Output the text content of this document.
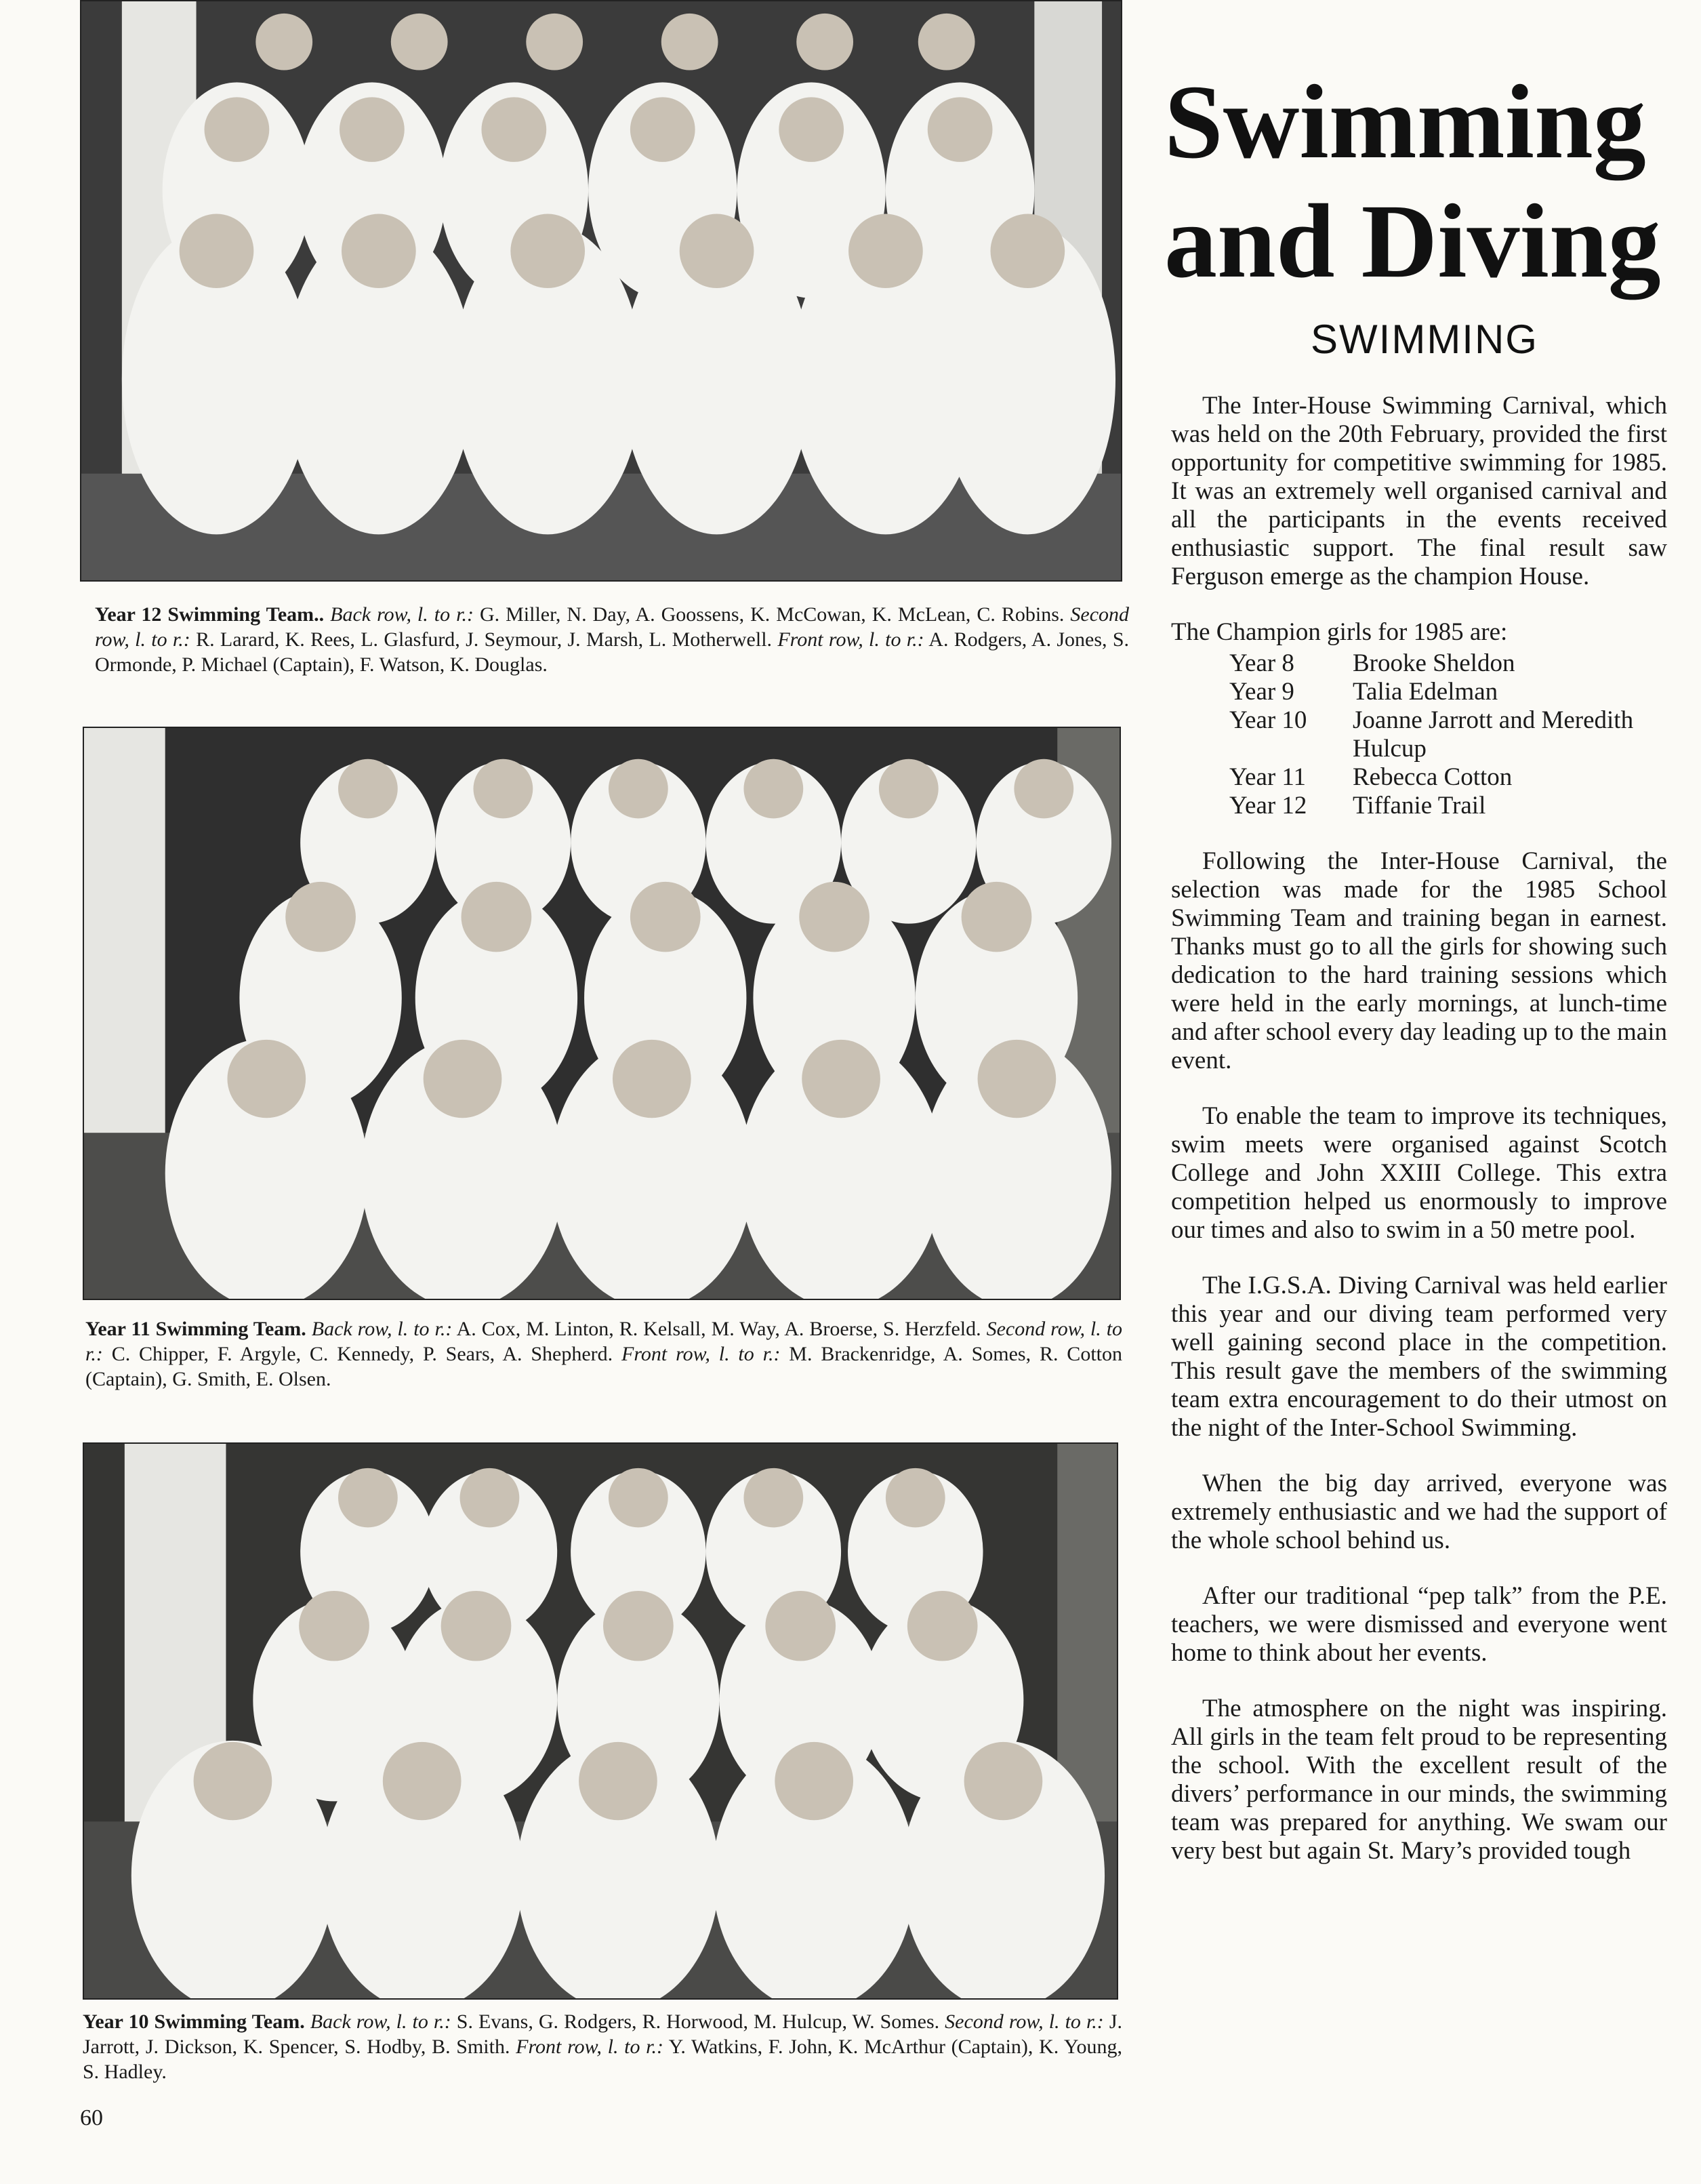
Year 12 Swimming Team.. Back row, l. to r.: G. Miller, N. Day, A. Goossens, K. McCowan, K. McLean, C. Robins. Second row, l. to r.: R. Larard, K. Rees, L. Glasfurd, J. Seymour, J. Marsh, L. Motherwell. Front row, l. to r.: A. Rodgers, A. Jones, S. Ormonde, P. Michael (Captain), F. Watson, K. Douglas.
Year 11 Swimming Team. Back row, l. to r.: A. Cox, M. Linton, R. Kelsall, M. Way, A. Broerse, S. Herzfeld. Second row, l. to r.: C. Chipper, F. Argyle, C. Kennedy, P. Sears, A. Shepherd. Front row, l. to r.: M. Brackenridge, A. Somes, R. Cotton (Captain), G. Smith, E. Olsen.
Year 10 Swimming Team. Back row, l. to r.: S. Evans, G. Rodgers, R. Horwood, M. Hulcup, W. Somes. Second row, l. to r.: J. Jarrott, J. Dickson, K. Spencer, S. Hodby, B. Smith. Front row, l. to r.: Y. Watkins, F. John, K. McArthur (Captain), K. Young, S. Hadley.
60
Swimming
and Diving
SWIMMING

The Inter-House Swimming Carnival, which was held on the 20th February, provided the first opportunity for competitive swimming for 1985. It was an extremely well organised carnival and all the participants in the events received enthusiastic support. The final result saw Ferguson emerge as the champion House.

The Champion girls for 1985 are:

Year 8	Brooke Sheldon
Year 9	Talia Edelman
Year 10	Joanne Jarrott and Meredith Hulcup
Year 11	Rebecca Cotton
Year 12	Tiffanie Trail

Following the Inter-House Carnival, the selection was made for the 1985 School Swimming Team and training began in earnest. Thanks must go to all the girls for showing such dedication to the hard training sessions which were held in the early mornings, at lunch-time and after school every day leading up to the main event.

To enable the team to improve its techniques, swim meets were organised against Scotch College and John XXIII College. This extra competition helped us enormously to improve our times and also to swim in a 50 metre pool.

The I.G.S.A. Diving Carnival was held earlier this year and our diving team performed very well gaining second place in the competition. This result gave the members of the swimming team extra encouragement to do their utmost on the night of the Inter-School Swimming.

When the big day arrived, everyone was extremely enthusiastic and we had the support of the whole school behind us.

After our traditional “pep talk” from the P.E. teachers, we were dismissed and everyone went home to think about her events.

The atmosphere on the night was inspiring. All girls in the team felt proud to be representing the school. With the excellent result of the divers’ performance in our minds, the swimming team was prepared for anything. We swam our very best but again St. Mary’s provided tough
